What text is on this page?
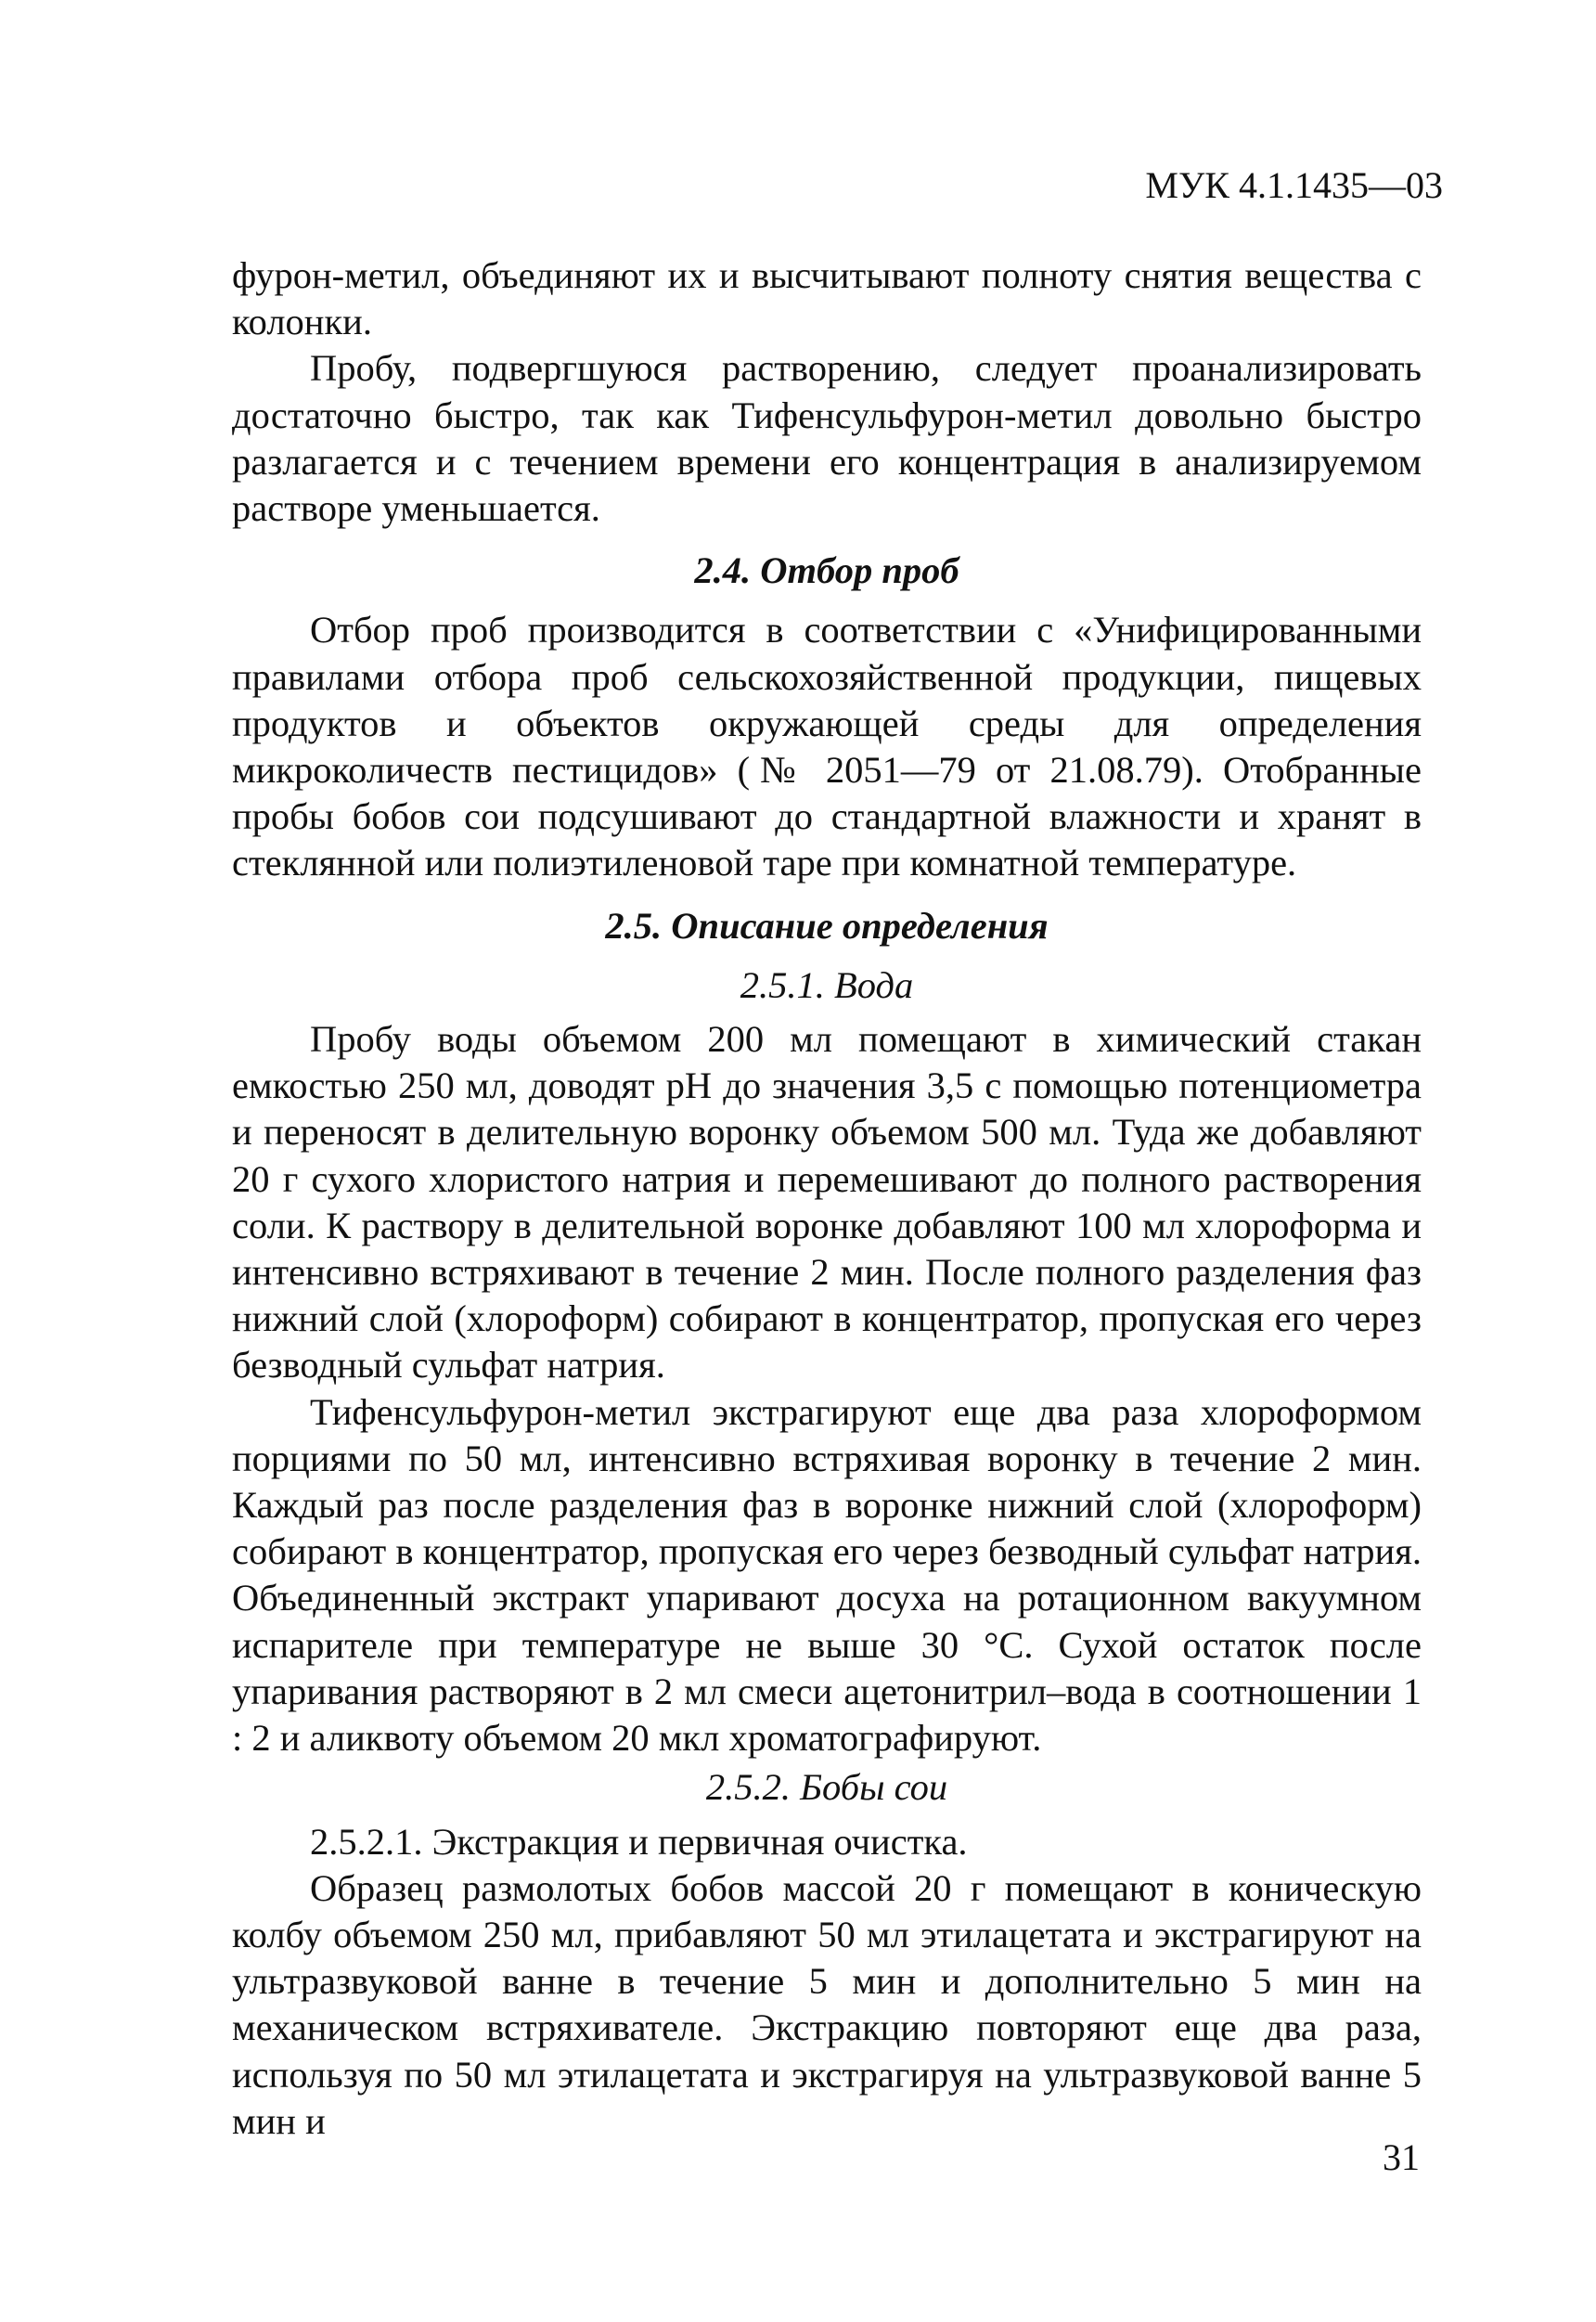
МУК 4.1.1435—03

фурон-метил, объединяют их и высчитывают полноту снятия вещества с колонки.

Пробу, подвергшуюся растворению, следует проанализировать достаточно быстро, так как Тифенсульфурон-метил довольно быстро разлагается и с течением времени его концентрация в анализируемом растворе уменьшается.

2.4. Отбор проб

Отбор проб производится в соответствии с «Унифицированными правилами отбора проб сельскохозяйственной продукции, пищевых продуктов и объектов окружающей среды для определения микроколичеств пестицидов» (№ 2051—79 от 21.08.79). Отобранные пробы бобов сои подсушивают до стандартной влажности и хранят в стеклянной или полиэтиленовой таре при комнатной температуре.

2.5. Описание определения
2.5.1. Вода

Пробу воды объемом 200 мл помещают в химический стакан емкостью 250 мл, доводят pH до значения 3,5 с помощью потенциометра и переносят в делительную воронку объемом 500 мл. Туда же добавляют 20 г сухого хлористого натрия и перемешивают до полного растворения соли. К раствору в делительной воронке добавляют 100 мл хлороформа и интенсивно встряхивают в течение 2 мин. После полного разделения фаз нижний слой (хлороформ) собирают в концентратор, пропуская его через безводный сульфат натрия.

Тифенсульфурон-метил экстрагируют еще два раза хлороформом порциями по 50 мл, интенсивно встряхивая воронку в течение 2 мин. Каждый раз после разделения фаз в воронке нижний слой (хлороформ) собирают в концентратор, пропуская его через безводный сульфат натрия. Объединенный экстракт упаривают досуха на ротационном вакуумном испарителе при температуре не выше 30 °С. Сухой остаток после упаривания растворяют в 2 мл смеси ацетонитрил–вода в соотношении 1 : 2 и аликвоту объемом 20 мкл хроматографируют.

2.5.2. Бобы сои

2.5.2.1. Экстракция и первичная очистка.

Образец размолотых бобов массой 20 г помещают в коническую колбу объемом 250 мл, прибавляют 50 мл этилацетата и экстрагируют на ультразвуковой ванне в течение 5 мин и дополнительно 5 мин на механическом встряхивателе. Экстракцию повторяют еще два раза, используя по 50 мл этилацетата и экстрагируя на ультразвуковой ванне 5 мин и

31
